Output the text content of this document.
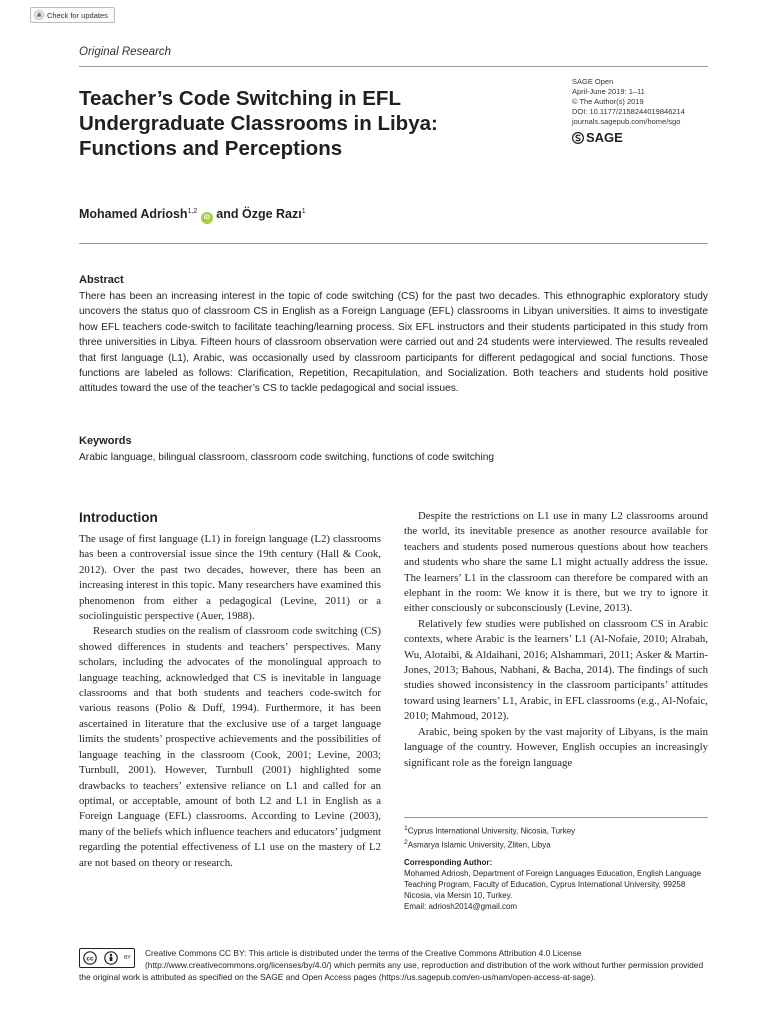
Check for updates
Original Research
Teacher’s Code Switching in EFL Undergraduate Classrooms in Libya: Functions and Perceptions
SAGE Open
April-June 2019: 1–11
© The Author(s) 2019
DOI: 10.1177/2158244019846214
journals.sagepub.com/home/sgo
SAGE
Mohamed Adriosh$^{1,2}$ iD and Özge Razı$^1$
Abstract

There has been an increasing interest in the topic of code switching (CS) for the past two decades. This ethnographic exploratory study uncovers the status quo of classroom CS in English as a Foreign Language (EFL) classrooms in Libyan universities. It aims to investigate how EFL teachers code-switch to facilitate teaching/learning process. Six EFL instructors and their students participated in this study from three universities in Libya. Fifteen hours of classroom observation were carried out and 24 students were interviewed. The results revealed that first language (L1), Arabic, was occasionally used by classroom participants for different pedagogical and social functions. Those functions are labeled as follows: Clarification, Repetition, Recapitulation, and Socialization. Both teachers and students hold positive attitudes toward the use of the teacher’s CS to tackle pedagogical and social issues.

Keywords

Arabic language, bilingual classroom, classroom code switching, functions of code switching

Introduction

The usage of first language (L1) in foreign language (L2) classrooms has been a controversial issue since the 19th century (Hall & Cook, 2012). Over the past two decades, however, there has been an increasing interest in this topic. Many researchers have examined this phenomenon from either a pedagogical (Levine, 2011) or a sociolinguistic perspective (Auer, 1988).

Research studies on the realism of classroom code switching (CS) showed differences in students and teachers’ perspectives. Many scholars, including the advocates of the monolingual approach to language teaching, acknowledged that CS is inevitable in language classrooms and that both students and teachers code-switch for various reasons (Polio & Duff, 1994). Furthermore, it has been ascertained in literature that the exclusive use of a target language limits the students’ prospective achievements and the possibilities of language teaching in the classroom (Cook, 2001; Levine, 2003; Turnbull, 2001). However, Turnbull (2001) highlighted some drawbacks to teachers’ extensive reliance on L1 and called for an optimal, or acceptable, amount of both L2 and L1 in English as a Foreign Language (EFL) classrooms. According to Levine (2003), many of the beliefs which influence teachers and educators’ judgment regarding the potential effectiveness of L1 use on the mastery of L2 are not based on theory or research.

Despite the restrictions on L1 use in many L2 classrooms around the world, its inevitable presence as another resource available for teachers and students posed numerous questions about how teachers and students who share the same L1 might actually address the issue. The learners’ L1 in the classroom can therefore be compared with an elephant in the room: We know it is there, but we try to ignore it either consciously or subconsciously (Levine, 2013).

Relatively few studies were published on classroom CS in Arabic contexts, where Arabic is the learners’ L1 (Al-Nofaie, 2010; Alrabah, Wu, Alotaibi, & Aldaihani, 2016; Alshammari, 2011; Asker & Martin-Jones, 2013; Bahous, Nabhani, & Bacha, 2014). The findings of such studies showed inconsistency in the classroom participants’ attitudes toward using learners’ L1, Arabic, in EFL classrooms (e.g., Al-Nofaic, 2010; Mahmoud, 2012).

Arabic, being spoken by the vast majority of Libyans, is the main language of the country. However, English occupies an increasingly significant role as the foreign language

$^1$Cyprus International University, Nicosia, Turkey
$^2$Asmarya Islamic University, Zliten, Libya
Corresponding Author:
Mohamed Adriosh, Department of Foreign Languages Education, English Language Teaching Program, Faculty of Education, Cyprus International University, 99258 Nicosia, via Mersin 10, Turkey.
Email: adriosh2014@gmail.com
cc	BY Creative Commons CC BY: This article is distributed under the terms of the Creative Commons Attribution 4.0 License (http://www.creativecommons.org/licenses/by/4.0/) which permits any use, reproduction and distribution of the work without further permission provided the original work is attributed as specified on the SAGE and Open Access pages (https://us.sagepub.com/en-us/nam/open-access-at-sage).
